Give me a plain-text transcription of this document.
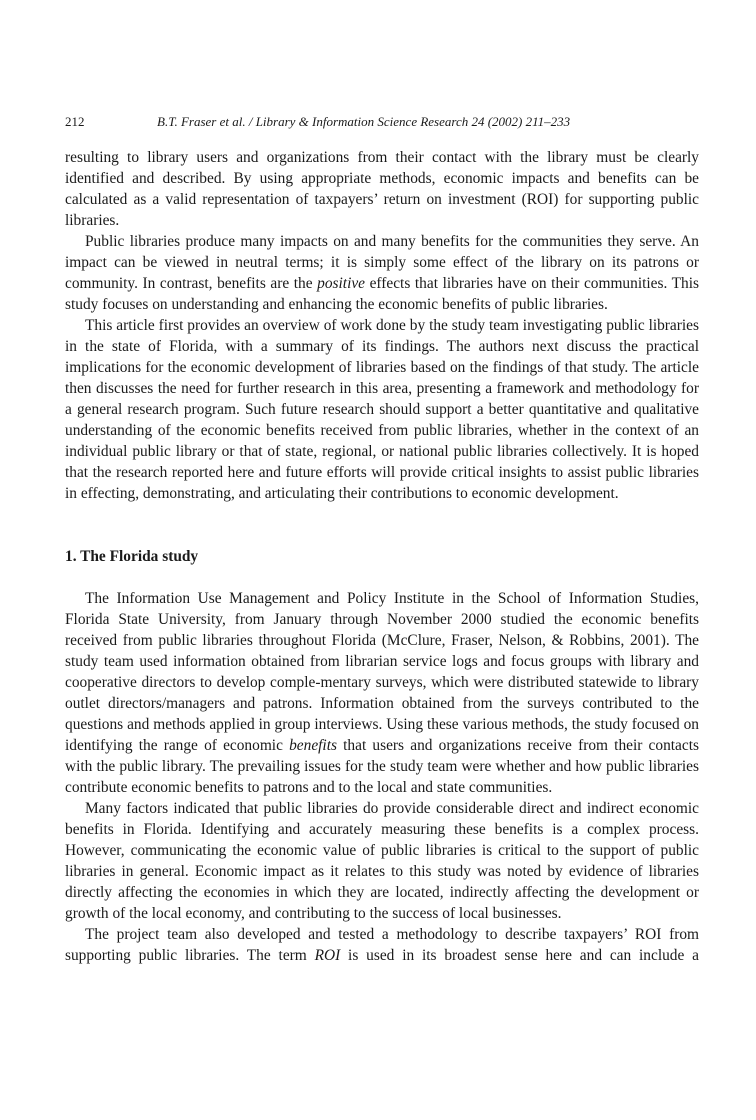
212	B.T. Fraser et al. / Library & Information Science Research 24 (2002) 211–233

resulting to library users and organizations from their contact with the library must be clearly identified and described. By using appropriate methods, economic impacts and benefits can be calculated as a valid representation of taxpayers’ return on investment (ROI) for supporting public libraries.

Public libraries produce many impacts on and many benefits for the communities they serve. An impact can be viewed in neutral terms; it is simply some effect of the library on its patrons or community. In contrast, benefits are the positive effects that libraries have on their communities. This study focuses on understanding and enhancing the economic benefits of public libraries.

This article first provides an overview of work done by the study team investigating public libraries in the state of Florida, with a summary of its findings. The authors next discuss the practical implications for the economic development of libraries based on the findings of that study. The article then discusses the need for further research in this area, presenting a framework and methodology for a general research program. Such future research should support a better quantitative and qualitative understanding of the economic benefits received from public libraries, whether in the context of an individual public library or that of state, regional, or national public libraries collectively. It is hoped that the research reported here and future efforts will provide critical insights to assist public libraries in effecting, demonstrating, and articulating their contributions to economic development.

1. The Florida study

The Information Use Management and Policy Institute in the School of Information Studies, Florida State University, from January through November 2000 studied the economic benefits received from public libraries throughout Florida (McClure, Fraser, Nelson, & Robbins, 2001). The study team used information obtained from librarian service logs and focus groups with library and cooperative directors to develop comple-mentary surveys, which were distributed statewide to library outlet directors/managers and patrons. Information obtained from the surveys contributed to the questions and methods applied in group interviews. Using these various methods, the study focused on identifying the range of economic benefits that users and organizations receive from their contacts with the public library. The prevailing issues for the study team were whether and how public libraries contribute economic benefits to patrons and to the local and state communities.

Many factors indicated that public libraries do provide considerable direct and indirect economic benefits in Florida. Identifying and accurately measuring these benefits is a complex process. However, communicating the economic value of public libraries is critical to the support of public libraries in general. Economic impact as it relates to this study was noted by evidence of libraries directly affecting the economies in which they are located, indirectly affecting the development or growth of the local economy, and contributing to the success of local businesses.

The project team also developed and tested a methodology to describe taxpayers’ ROI from supporting public libraries. The term ROI is used in its broadest sense here and can include a
